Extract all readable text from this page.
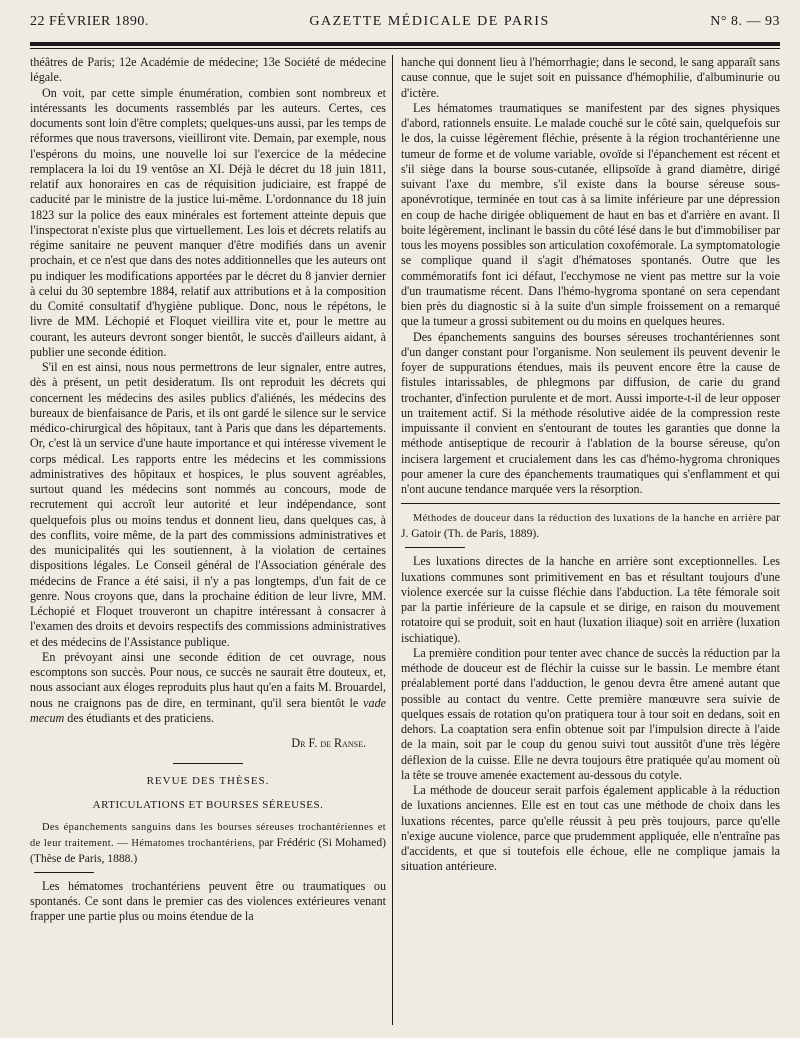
22 FÉVRIER 1890.	GAZETTE MÉDICALE DE PARIS	N° 8. — 93

théâtres de Paris; 12e Académie de médecine; 13e Société de médecine légale.

On voit, par cette simple énumération, combien sont nombreux et intéressants les documents rassemblés par les auteurs. Certes, ces documents sont loin d'être complets; quelques-uns aussi, par les temps de réformes que nous traversons, vieilliront vite. Demain, par exemple, nous l'espérons du moins, une nouvelle loi sur l'exercice de la médecine remplacera la loi du 19 ventôse an XI. Déjà le décret du 18 juin 1811, relatif aux honoraires en cas de réquisition judiciaire, est frappé de caducité par le ministre de la justice lui-même. L'ordonnance du 18 juin 1823 sur la police des eaux minérales est fortement atteinte depuis que l'inspectorat n'existe plus que virtuellement. Les lois et décrets relatifs au régime sanitaire ne peuvent manquer d'être modifiés dans un avenir prochain, et ce n'est que dans des notes additionnelles que les auteurs ont pu indiquer les modifications apportées par le décret du 8 janvier dernier à celui du 30 septembre 1884, relatif aux attributions et à la composition du Comité consultatif d'hygiène publique. Donc, nous le répétons, le livre de MM. Léchopié et Floquet vieillira vite et, pour le mettre au courant, les auteurs devront songer bientôt, le succès d'ailleurs aidant, à publier une seconde édition.

S'il en est ainsi, nous nous permettrons de leur signaler, entre autres, dès à présent, un petit desideratum. Ils ont reproduit les décrets qui concernent les médecins des asiles publics d'aliénés, les médecins des bureaux de bienfaisance de Paris, et ils ont gardé le silence sur le service médico-chirurgical des hôpitaux, tant à Paris que dans les départements. Or, c'est là un service d'une haute importance et qui intéresse vivement le corps médical. Les rapports entre les médecins et les commissions administratives des hôpitaux et hospices, le plus souvent agréables, surtout quand les médecins sont nommés au concours, mode de recrutement qui accroît leur autorité et leur indépendance, sont quelquefois plus ou moins tendus et donnent lieu, dans quelques cas, à des conflits, voire même, de la part des commissions administratives et des municipalités qui les soutiennent, à la violation de certaines dispositions légales. Le Conseil général de l'Association générale des médecins de France a été saisi, il n'y a pas longtemps, d'un fait de ce genre. Nous croyons que, dans la prochaine édition de leur livre, MM. Léchopié et Floquet trouveront un chapitre intéressant à consacrer à l'examen des droits et devoirs respectifs des commissions administratives et des médecins de l'Assistance publique.

En prévoyant ainsi une seconde édition de cet ouvrage, nous escomptons son succès. Pour nous, ce succès ne saurait être douteux, et, nous associant aux éloges reproduits plus haut qu'en a faits M. Brouardel, nous ne craignons pas de dire, en terminant, qu'il sera bientôt le vade mecum des étudiants et des praticiens.

Dr F. de Ranse.
REVUE DES THÈSES.
ARTICULATIONS ET BOURSES SÉREUSES.

Des épanchements sanguins dans les bourses séreuses trochantériennes et de leur traitement. — Hématomes trochantériens, par Frédéric (Si Mohamed) (Thèse de Paris, 1888.)

Les hématomes trochantériens peuvent être ou traumatiques ou spontanés. Ce sont dans le premier cas des violences extérieures venant frapper une partie plus ou moins étendue de la

hanche qui donnent lieu à l'hémorrhagie; dans le second, le sang apparaît sans cause connue, que le sujet soit en puissance d'hémophilie, d'albuminurie ou d'ictère.

Les hématomes traumatiques se manifestent par des signes physiques d'abord, rationnels ensuite. Le malade couché sur le côté sain, quelquefois sur le dos, la cuisse légèrement fléchie, présente à la région trochantérienne une tumeur de forme et de volume variable, ovoïde si l'épanchement est récent et s'il siège dans la bourse sous-cutanée, ellipsoïde à grand diamètre, dirigé suivant l'axe du membre, s'il existe dans la bourse séreuse sous-aponévrotique, terminée en tout cas à sa limite inférieure par une dépression en coup de hache dirigée obliquement de haut en bas et d'arrière en avant. Il boite légèrement, inclinant le bassin du côté lésé dans le but d'immobiliser par tous les moyens possibles son articulation coxofémorale. La symptomatologie se complique quand il s'agit d'hématoses spontanés. Outre que les commémoratifs font ici défaut, l'ecchymose ne vient pas mettre sur la voie d'un traumatisme récent. Dans l'hémo-hygroma spontané on sera cependant bien près du diagnostic si à la suite d'un simple froissement on a remarqué que la tumeur a grossi subitement ou du moins en quelques heures.

Des épanchements sanguins des bourses séreuses trochantériennes sont d'un danger constant pour l'organisme. Non seulement ils peuvent devenir le foyer de suppurations étendues, mais ils peuvent encore être la cause de fistules intarissables, de phlegmons par diffusion, de carie du grand trochanter, d'infection purulente et de mort. Aussi importe-t-il de leur opposer un traitement actif. Si la méthode résolutive aidée de la compression reste impuissante il convient en s'entourant de toutes les garanties que donne la méthode antiseptique de recourir à l'ablation de la bourse séreuse, qu'on incisera largement et crucialement dans les cas d'hémo-hygroma chroniques pour amener la cure des épanchements traumatiques qui s'enflamment et qui n'ont aucune tendance marquée vers la résorption.

Méthodes de douceur dans la réduction des luxations de la hanche en arrière par J. Gatoir (Th. de Paris, 1889).

Les luxations directes de la hanche en arrière sont exceptionnelles. Les luxations communes sont primitivement en bas et résultant toujours d'une violence exercée sur la cuisse fléchie dans l'abduction. La tête fémorale soit par la partie inférieure de la capsule et se dirige, en raison du mouvement rotatoire qui se produit, soit en haut (luxation iliaque) soit en arrière (luxation ischiatique).

La première condition pour tenter avec chance de succès la réduction par la méthode de douceur est de fléchir la cuisse sur le bassin. Le membre étant préalablement porté dans l'adduction, le genou devra être amené autant que possible au contact du ventre. Cette première manœuvre sera suivie de quelques essais de rotation qu'on pratiquera tour à tour soit en dedans, soit en dehors. La coaptation sera enfin obtenue soit par l'impulsion directe à l'aide de la main, soit par le coup du genou suivi tout aussitôt d'une très légère déflexion de la cuisse. Elle ne devra toujours être pratiquée qu'au moment où la tête se trouve amenée exactement au-dessous du cotyle.

La méthode de douceur serait parfois également applicable à la réduction de luxations anciennes. Elle est en tout cas une méthode de choix dans les luxations récentes, parce qu'elle réussit à peu près toujours, parce qu'elle n'exige aucune violence, parce que prudemment appliquée, elle n'entraîne pas d'accidents, et que si toutefois elle échoue, elle ne complique jamais la situation antérieure.
